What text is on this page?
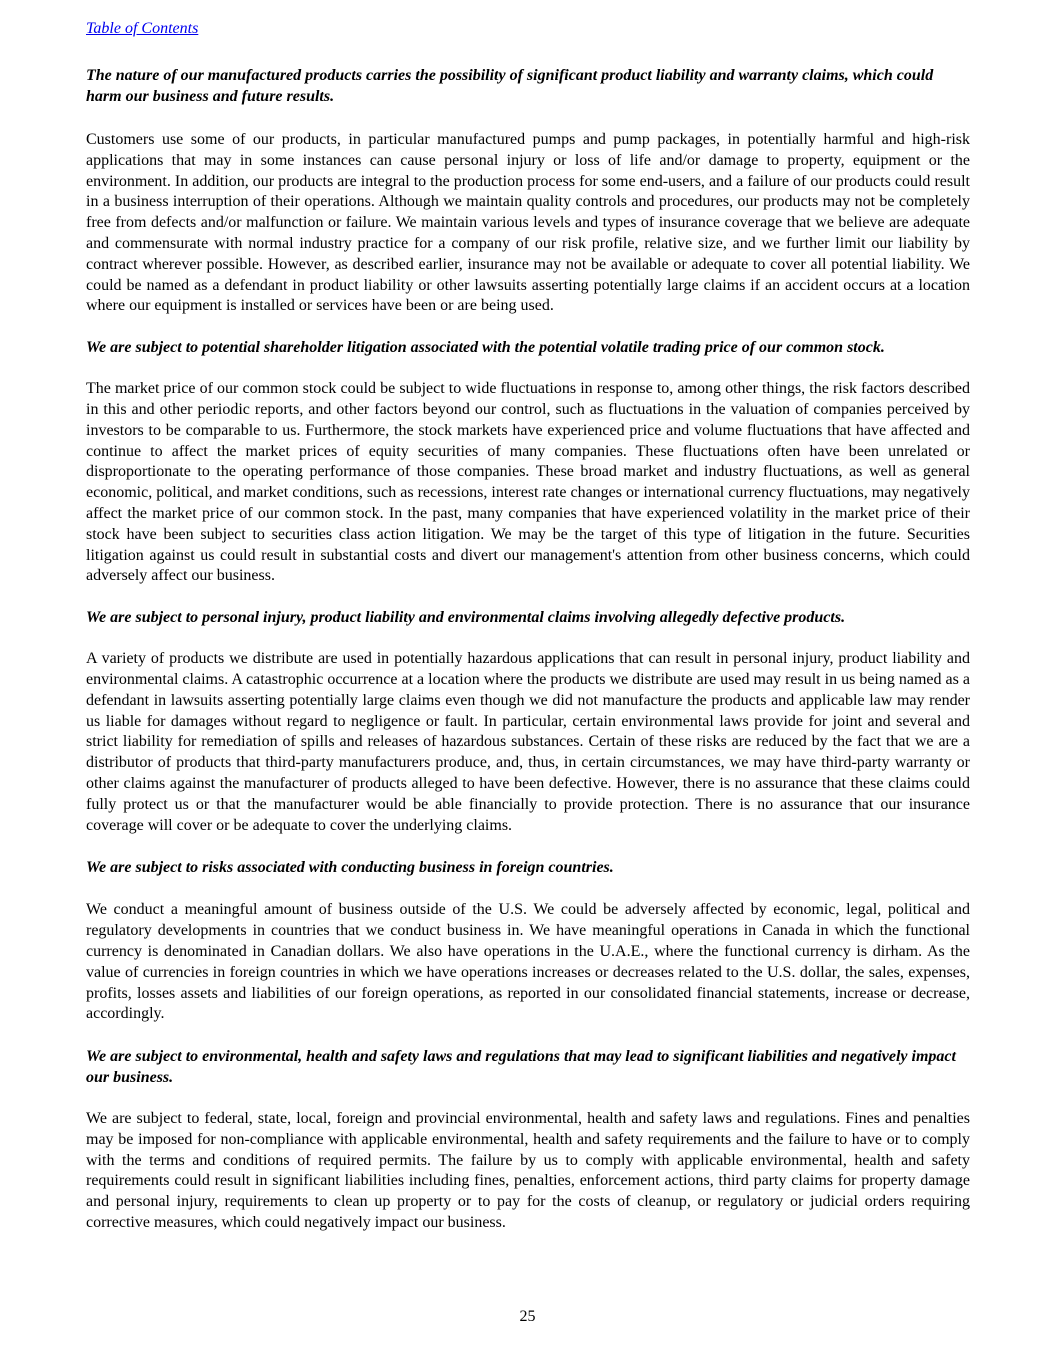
Table of Contents

The nature of our manufactured products carries the possibility of significant product liability and warranty claims, which could harm our business and future results.

Customers use some of our products, in particular manufactured pumps and pump packages, in potentially harmful and high-risk applications that may in some instances can cause personal injury or loss of life and/or damage to property, equipment or the environment. In addition, our products are integral to the production process for some end-users, and a failure of our products could result in a business interruption of their operations. Although we maintain quality controls and procedures, our products may not be completely free from defects and/or malfunction or failure. We maintain various levels and types of insurance coverage that we believe are adequate and commensurate with normal industry practice for a company of our risk profile, relative size, and we further limit our liability by contract wherever possible. However, as described earlier, insurance may not be available or adequate to cover all potential liability. We could be named as a defendant in product liability or other lawsuits asserting potentially large claims if an accident occurs at a location where our equipment is installed or services have been or are being used.

We are subject to potential shareholder litigation associated with the potential volatile trading price of our common stock.

The market price of our common stock could be subject to wide fluctuations in response to, among other things, the risk factors described in this and other periodic reports, and other factors beyond our control, such as fluctuations in the valuation of companies perceived by investors to be comparable to us. Furthermore, the stock markets have experienced price and volume fluctuations that have affected and continue to affect the market prices of equity securities of many companies. These fluctuations often have been unrelated or disproportionate to the operating performance of those companies. These broad market and industry fluctuations, as well as general economic, political, and market conditions, such as recessions, interest rate changes or international currency fluctuations, may negatively affect the market price of our common stock. In the past, many companies that have experienced volatility in the market price of their stock have been subject to securities class action litigation. We may be the target of this type of litigation in the future. Securities litigation against us could result in substantial costs and divert our management's attention from other business concerns, which could adversely affect our business.

We are subject to personal injury, product liability and environmental claims involving allegedly defective products.

A variety of products we distribute are used in potentially hazardous applications that can result in personal injury, product liability and environmental claims. A catastrophic occurrence at a location where the products we distribute are used may result in us being named as a defendant in lawsuits asserting potentially large claims even though we did not manufacture the products and applicable law may render us liable for damages without regard to negligence or fault. In particular, certain environmental laws provide for joint and several and strict liability for remediation of spills and releases of hazardous substances. Certain of these risks are reduced by the fact that we are a distributor of products that third-party manufacturers produce, and, thus, in certain circumstances, we may have third-party warranty or other claims against the manufacturer of products alleged to have been defective. However, there is no assurance that these claims could fully protect us or that the manufacturer would be able financially to provide protection. There is no assurance that our insurance coverage will cover or be adequate to cover the underlying claims.

We are subject to risks associated with conducting business in foreign countries.

We conduct a meaningful amount of business outside of the U.S. We could be adversely affected by economic, legal, political and regulatory developments in countries that we conduct business in. We have meaningful operations in Canada in which the functional currency is denominated in Canadian dollars. We also have operations in the U.A.E., where the functional currency is dirham. As the value of currencies in foreign countries in which we have operations increases or decreases related to the U.S. dollar, the sales, expenses, profits, losses assets and liabilities of our foreign operations, as reported in our consolidated financial statements, increase or decrease, accordingly.

We are subject to environmental, health and safety laws and regulations that may lead to significant liabilities and negatively impact our business.

We are subject to federal, state, local, foreign and provincial environmental, health and safety laws and regulations. Fines and penalties may be imposed for non-compliance with applicable environmental, health and safety requirements and the failure to have or to comply with the terms and conditions of required permits. The failure by us to comply with applicable environmental, health and safety requirements could result in significant liabilities including fines, penalties, enforcement actions, third party claims for property damage and personal injury, requirements to clean up property or to pay for the costs of cleanup, or regulatory or judicial orders requiring corrective measures, which could negatively impact our business.

25
